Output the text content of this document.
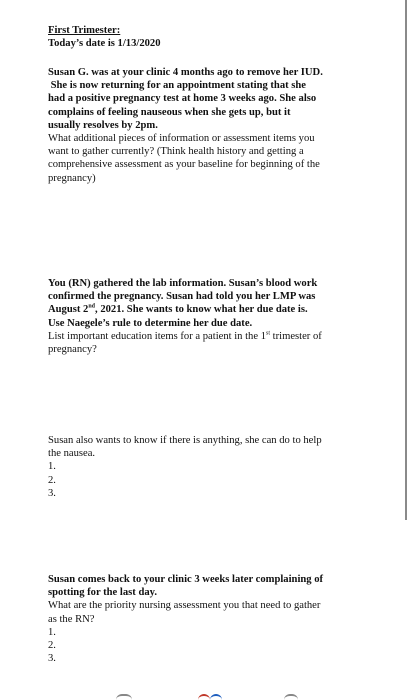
First Trimester:
Today’s date is 1/13/2020
Susan G. was at your clinic 4 months ago to remove her IUD.
She is now returning for an appointment stating that she
had a positive pregnancy test at home 3 weeks ago. She also
complains of feeling nauseous when she gets up, but it
usually resolves by 2pm.
What additional pieces of information or assessment items you
want to gather currently? (Think health history and getting a
comprehensive assessment as your baseline for beginning of the
pregnancy)
You (RN) gathered the lab information. Susan’s blood work
confirmed the pregnancy. Susan had told you her LMP was
August 2nd, 2021. She wants to know what her due date is.
Use Naegele’s rule to determine her due date.
List important education items for a patient in the 1st trimester of
pregnancy?
Susan also wants to know if there is anything, she can do to help
the nausea.
1.
2.
3.
Susan comes back to your clinic 3 weeks later complaining of
spotting for the last day.
What are the priority nursing assessment you that need to gather
as the RN?
1.
2.
3.
